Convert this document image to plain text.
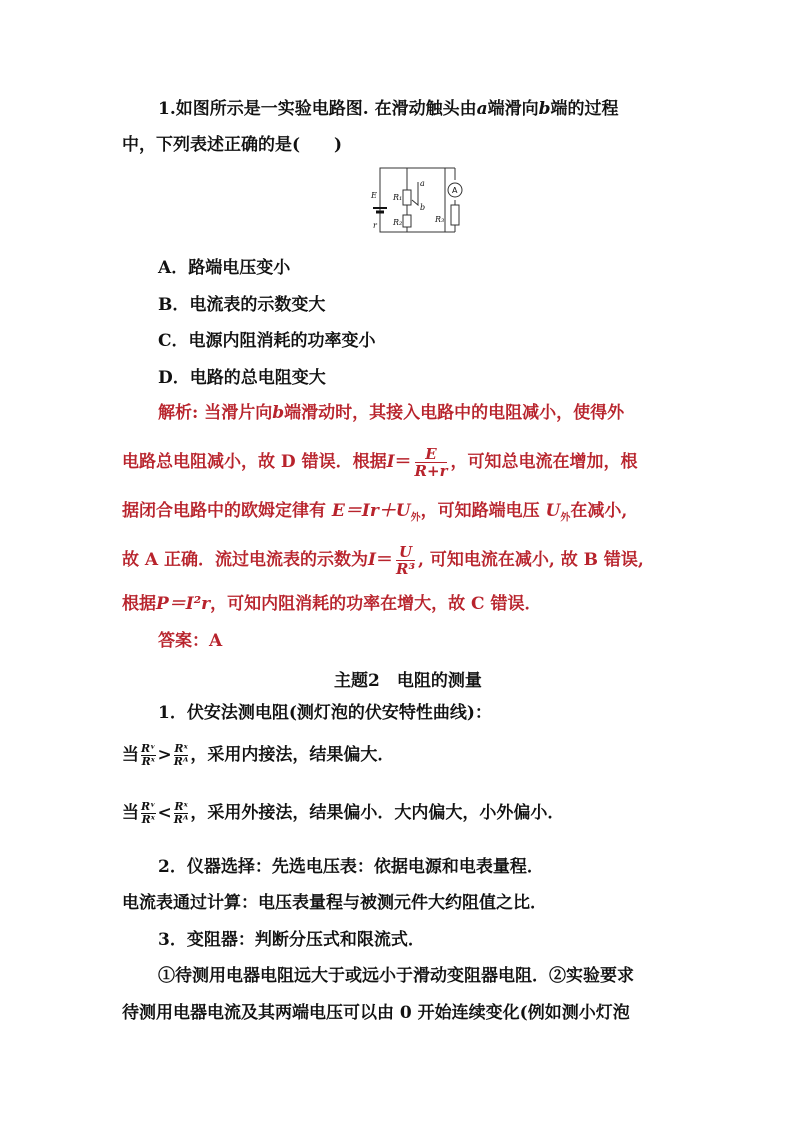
1.如图所示是一实验电路图. 在滑动触头由a端滑向b端的过程
中，下列表述正确的是(　　)
E
r
R₁
R₂	R₃
a
b
A
A．路端电压变小
B．电流表的示数变大
C．电源内阻消耗的功率变小
D．电路的总电阻变大
解析: 当滑片向b端滑动时，其接入电路中的电阻减小，使得外
电路总电阻减小，故 D 错误．根据$I= \frac{E}{R+r}$ ，可知总电流在增加，根
据闭合电路中的欧姆定律有 $E=Ir+U_外$，可知路端电压 $U_外$在减小,
故 A 正确．流过电流表的示数为$I= \frac{U}{\text{R³}}$ , 可知电流在减小, 故 B 错误,
根据P＝I²r，可知内阻消耗的功率在增大，故 C 错误．
答案：A
主题2　电阻的测量
1．伏安法测电阻(测灯泡的伏安特性曲线)：
当 $\frac{\text{Rᵛ}}{\text{Rˣ}} > \frac{\text{Rˣ}}{\text{Rᴬ}}$ ，采用内接法，结果偏大．
当 $\frac{\text{Rᵛ}}{\text{Rˣ}} < \frac{\text{Rˣ}}{\text{Rᴬ}}$ ，采用外接法，结果偏小．大内偏大，小外偏小．
2．仪器选择：先选电压表：依据电源和电表量程．
电流表通过计算：电压表量程与被测元件大约阻值之比．
3．变阻器：判断分压式和限流式．
①待测用电器电阻远大于或远小于滑动变阻器电阻．②实验要求
待测用电器电流及其两端电压可以由 0 开始连续变化(例如测小灯泡
